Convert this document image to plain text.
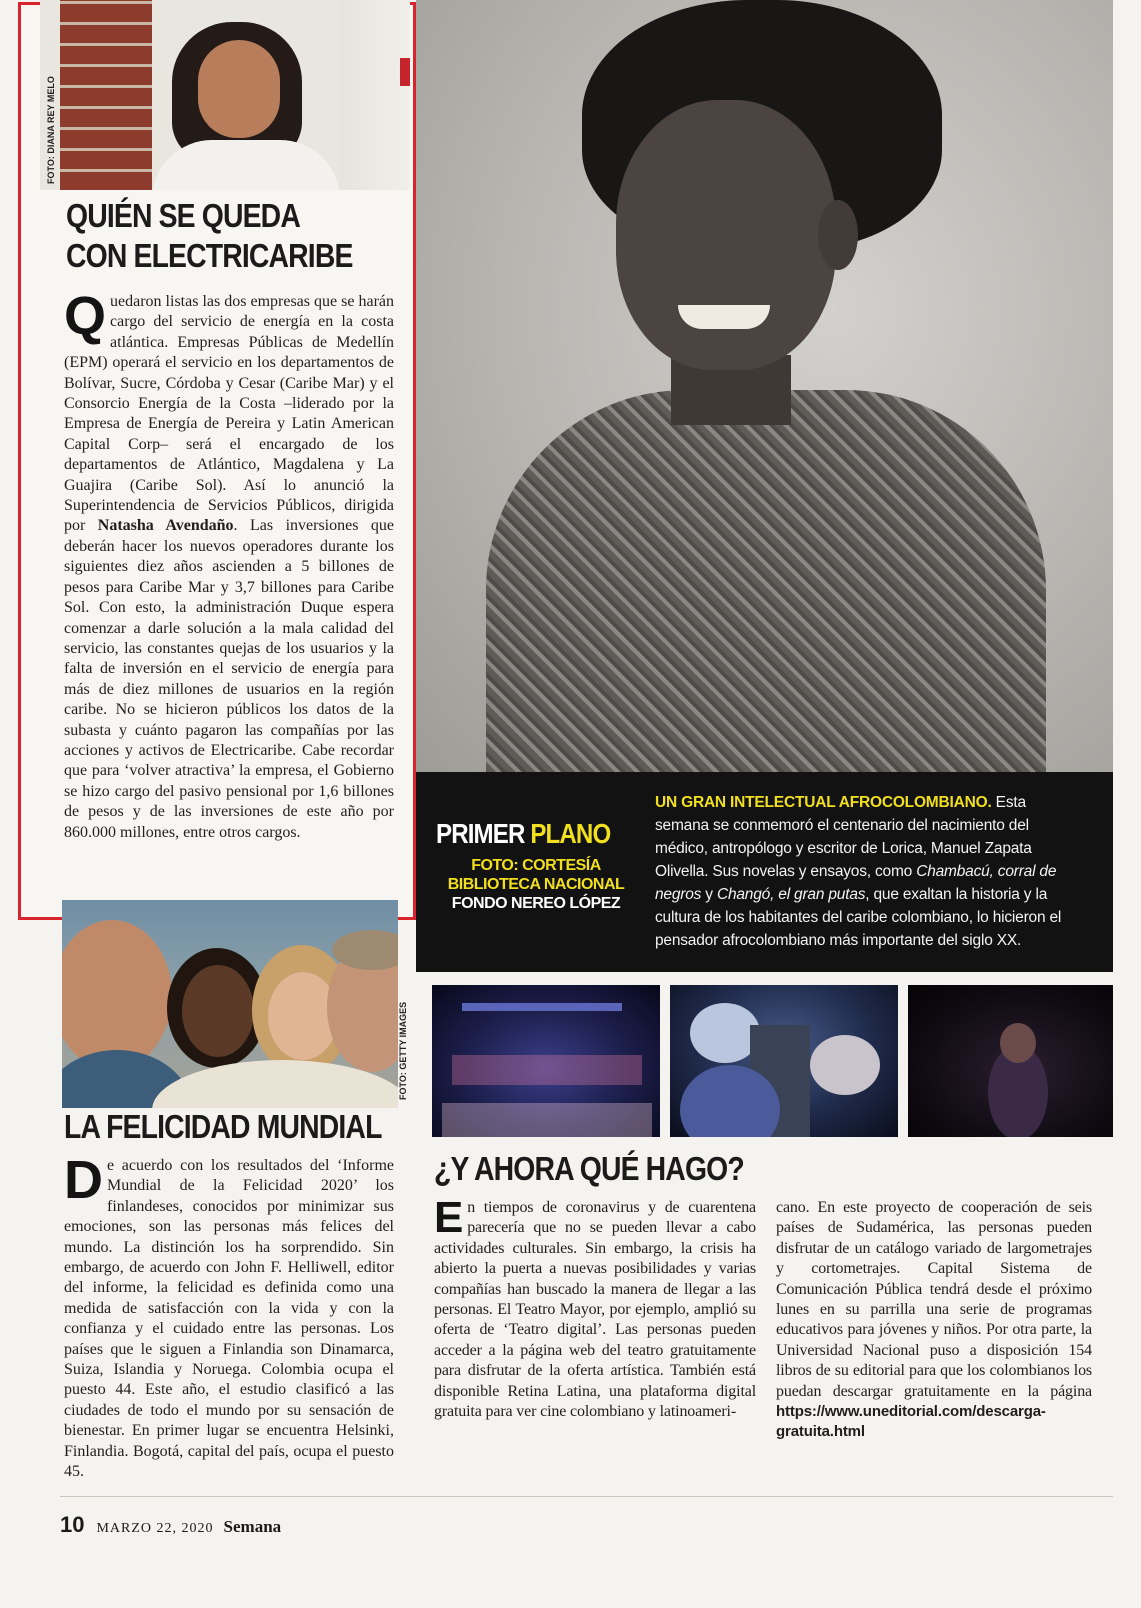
FOTO: DIANA REY MELO
QUIÉN SE QUEDA
CON ELECTRICARIBE
Quedaron listas las dos empresas que se harán cargo del servicio de energía en la costa atlántica. Empresas Públicas de Medellín (EPM) operará el servicio en los departamentos de Bolívar, Sucre, Córdoba y Cesar (Caribe Mar) y el Consorcio Energía de la Costa –liderado por la Empresa de Energía de Pereira y Latin American Capital Corp– será el encargado de los departamentos de Atlántico, Magdalena y La Guajira (Caribe Sol). Así lo anunció la Superintendencia de Servicios Públicos, dirigida por Natasha Avendaño. Las inversiones que deberán hacer los nuevos operadores durante los siguientes diez años ascienden a 5 billones de pesos para Caribe Mar y 3,7 billones para Caribe Sol. Con esto, la administración Duque espera comenzar a darle solución a la mala calidad del servicio, las constantes quejas de los usuarios y la falta de inversión en el servicio de energía para más de diez millones de usuarios en la región caribe. No se hicieron públicos los datos de la subasta y cuánto pagaron las compañías por las acciones y activos de Electricaribe. Cabe recordar que para ‘volver atractiva’ la empresa, el Gobierno se hizo cargo del pasivo pensional por 1,6 billones de pesos y de las inversiones de este año por 860.000 millones, entre otros cargos.	PRIMER PLANO
FOTO: CORTESÍA
BIBLIOTECA NACIONAL
FONDO NEREO LÓPEZ
UN GRAN INTELECTUAL AFROCOLOMBIANO. Esta semana se conmemoró el centenario del nacimiento del médico, antropólogo y escritor de Lorica, Manuel Zapata Olivella. Sus novelas y ensayos, como Chambacú, corral de negros y Changó, el gran putas, que exaltan la historia y la cultura de los habitantes del caribe colombiano, lo hicieron el pensador afrocolombiano más importante del siglo XX.
FOTO: GETTY IMAGES
LA FELICIDAD MUNDIAL
De acuerdo con los resultados del ‘Informe Mundial de la Felicidad 2020’ los finlandeses, conocidos por minimizar sus emociones, son las personas más felices del mundo. La distinción los ha sorprendido. Sin embargo, de acuerdo con John F. Helliwell, editor del informe, la felicidad es definida como una medida de satisfacción con la vida y con la confianza y el cuidado entre las personas. Los países que le siguen a Finlandia son Dinamarca, Suiza, Islandia y Noruega. Colombia ocupa el puesto 44. Este año, el estudio clasificó a las ciudades de todo el mundo por su sensación de bienestar. En primer lugar se encuentra Helsinki, Finlandia. Bogotá, capital del país, ocupa el puesto 45.
¿Y AHORA QUÉ HAGO?
En tiempos de coronavirus y de cuarentena parecería que no se pueden llevar a cabo actividades culturales. Sin embargo, la crisis ha abierto la puerta a nuevas posibilidades y varias compañías han buscado la manera de llegar a las personas. El Teatro Mayor, por ejemplo, amplió su oferta de ‘Teatro digital’. Las personas pueden acceder a la página web del teatro gratuitamente para disfrutar de la oferta artística. También está disponible Retina Latina, una plataforma digital gratuita para ver cine colombiano y latinoameri-
cano. En este proyecto de cooperación de seis países de Sudamérica, las personas pueden disfrutar de un catálogo variado de largometrajes y cortometrajes. Capital Sistema de Comunicación Pública tendrá desde el próximo lunes en su parrilla una serie de programas educativos para jóvenes y niños. Por otra parte, la Universidad Nacional puso a disposición 154 libros de su editorial para que los colombianos los puedan descargar gratuitamente en la página https://www.uneditorial.com/descarga-gratuita.html
10 MARZO 22, 2020 Semana
